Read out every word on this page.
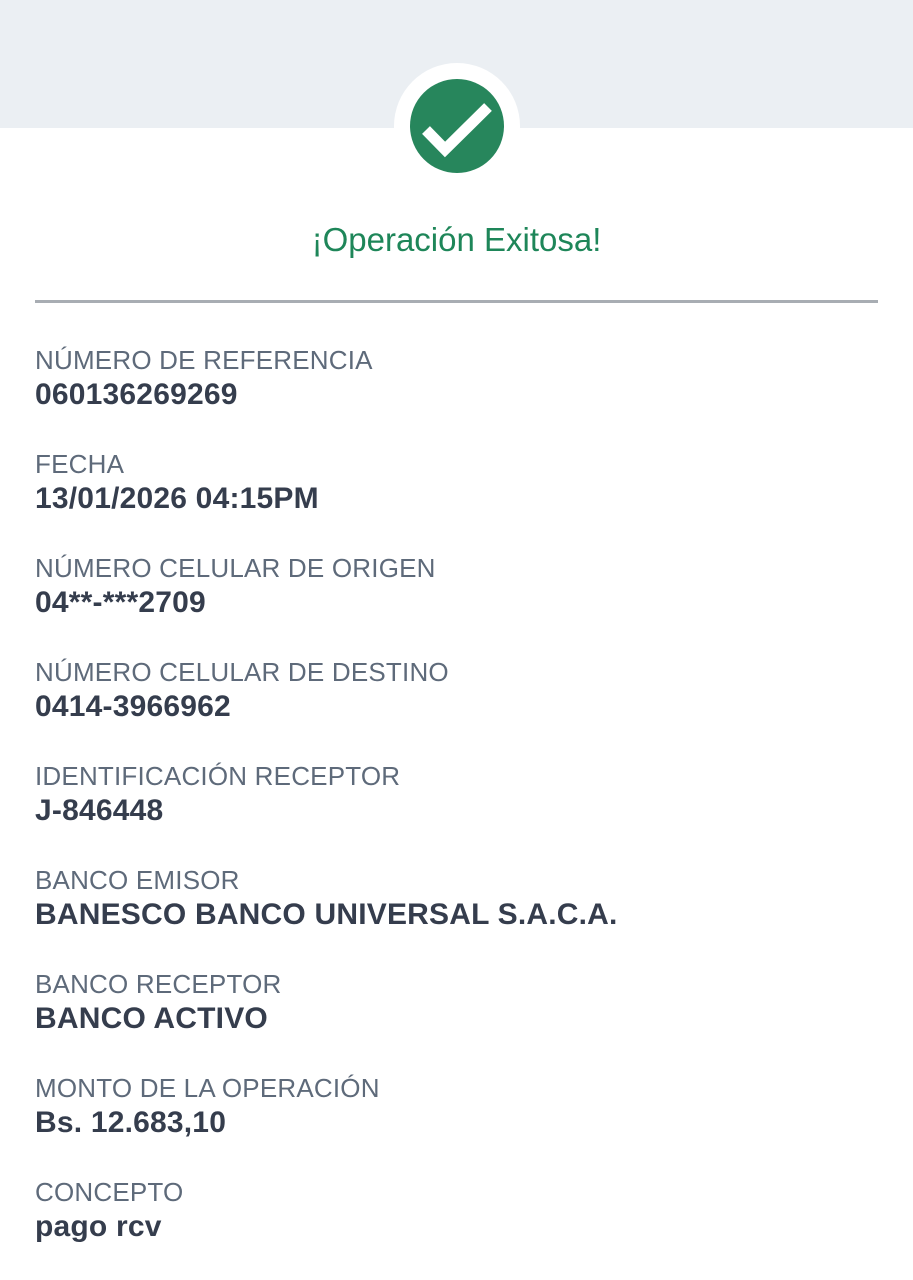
¡Operación Exitosa!
NÚMERO DE REFERENCIA
060136269269
FECHA
13/01/2026 04:15PM
NÚMERO CELULAR DE ORIGEN
04**-***2709
NÚMERO CELULAR DE DESTINO
0414-3966962
IDENTIFICACIÓN RECEPTOR
J-846448
BANCO EMISOR
BANESCO BANCO UNIVERSAL S.A.C.A.
BANCO RECEPTOR
BANCO ACTIVO
MONTO DE LA OPERACIÓN
Bs. 12.683,10
CONCEPTO
pago rcv
